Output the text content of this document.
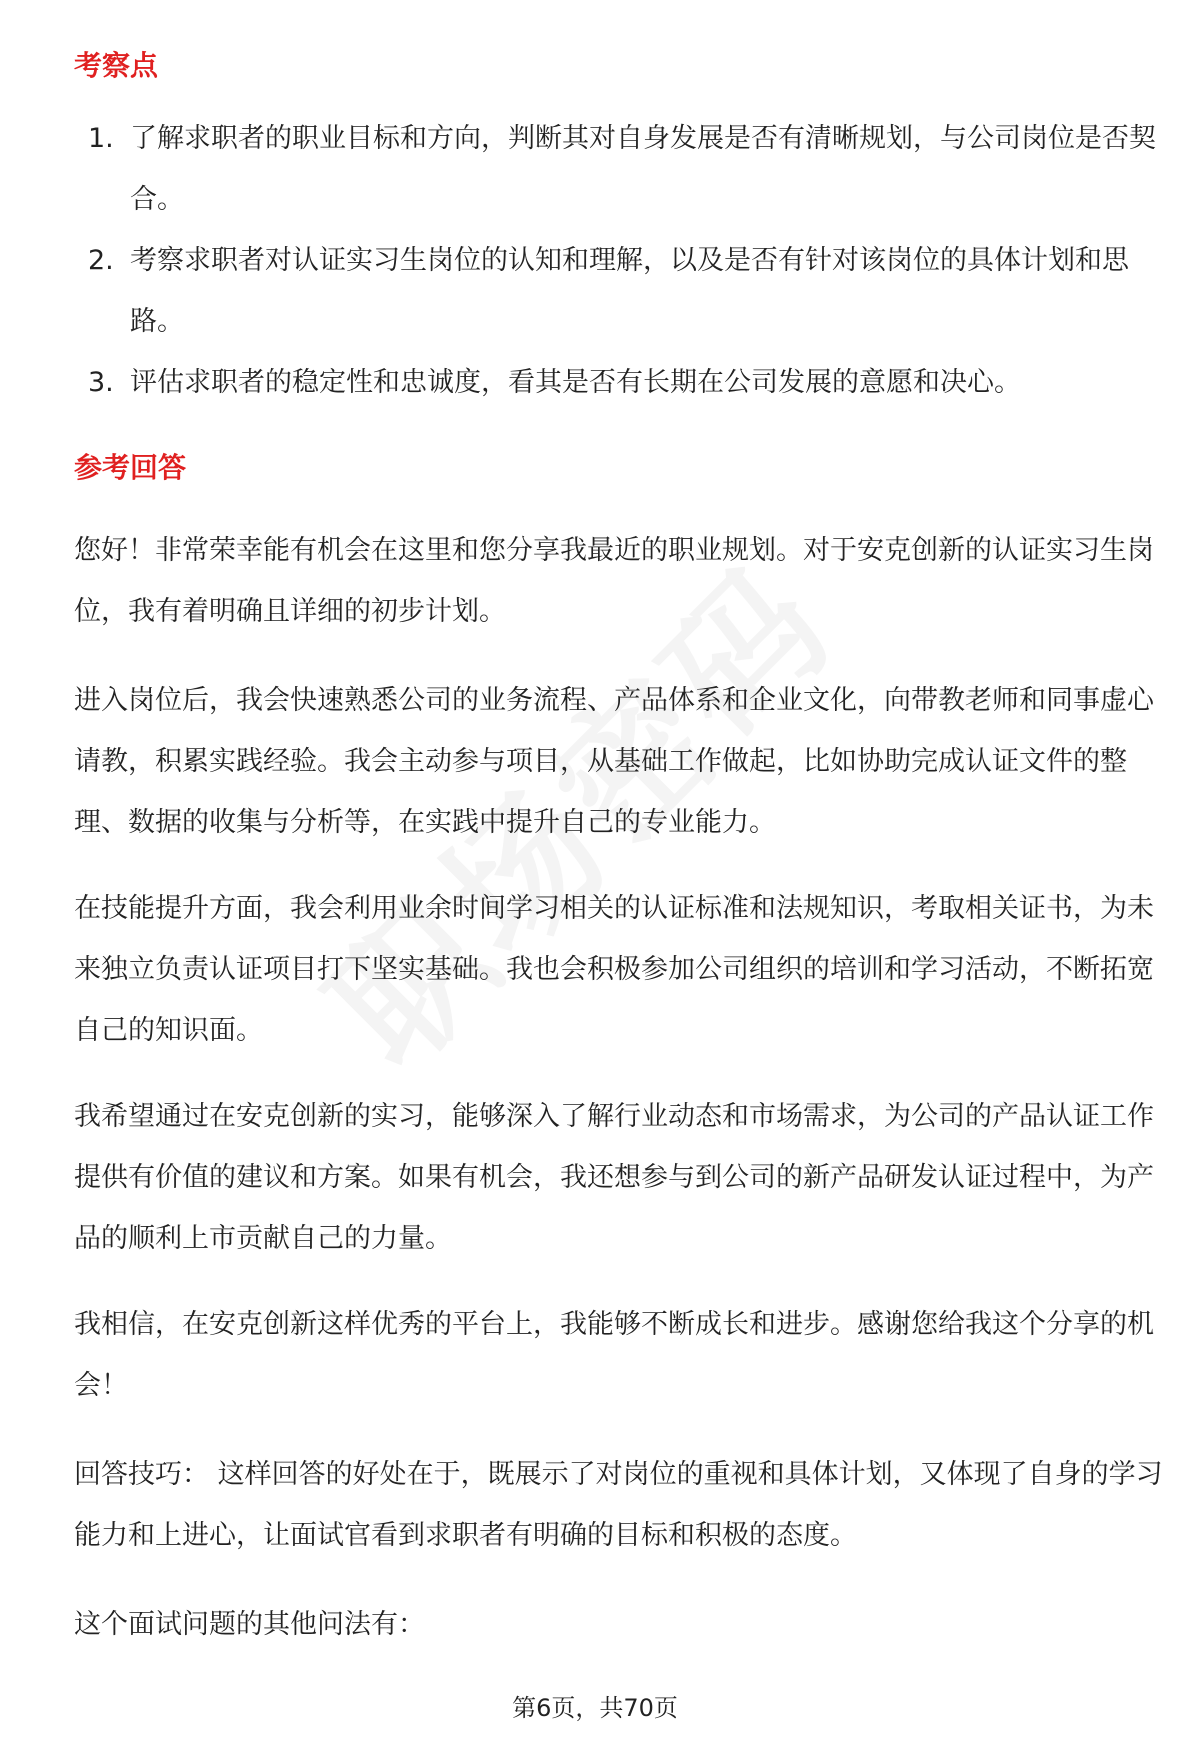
考察点
1. 了解求职者的职业目标和方向，判断其对自身发展是否有清晰规划，与公司岗位是否契合。
2. 考察求职者对认证实习生岗位的认知和理解，以及是否有针对该岗位的具体计划和思路。
3. 评估求职者的稳定性和忠诚度，看其是否有长期在公司发展的意愿和决心。
参考回答
您好！非常荣幸能有机会在这里和您分享我最近的职业规划。对于安克创新的认证实习生岗位，我有着明确且详细的初步计划。
进入岗位后，我会快速熟悉公司的业务流程、产品体系和企业文化，向带教老师和同事虚心请教，积累实践经验。我会主动参与项目，从基础工作做起，比如协助完成认证文件的整理、数据的收集与分析等，在实践中提升自己的专业能力。
在技能提升方面，我会利用业余时间学习相关的认证标准和法规知识，考取相关证书，为未来独立负责认证项目打下坚实基础。我也会积极参加公司组织的培训和学习活动，不断拓宽自己的知识面。
我希望通过在安克创新的实习，能够深入了解行业动态和市场需求，为公司的产品认证工作提供有价值的建议和方案。如果有机会，我还想参与到公司的新产品研发认证过程中，为产品的顺利上市贡献自己的力量。
我相信，在安克创新这样优秀的平台上，我能够不断成长和进步。感谢您给我这个分享的机会！
回答技巧： 这样回答的好处在于，既展示了对岗位的重视和具体计划，又体现了自身的学习能力和上进心，让面试官看到求职者有明确的目标和积极的态度。
这个面试问题的其他问法有：
第6页，共70页
